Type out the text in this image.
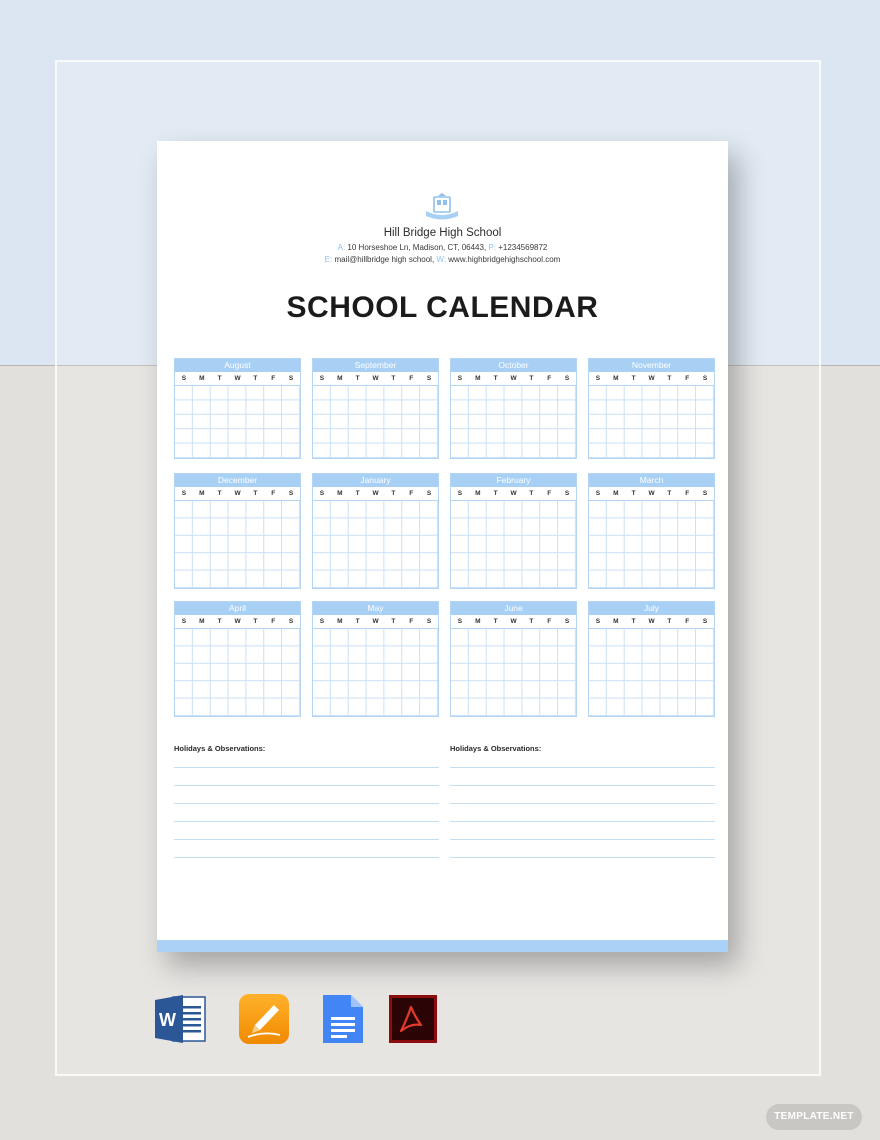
Hill Bridge High School
A: 10 Horseshoe Ln, Madison, CT, 06443, P: +1234569872
E: mail@hillbridge high school, W: www.highbridgehighschool.com
SCHOOL CALENDAR
August
S	M	T	W	T	F	S
September
S	M	T	W	T	F	S
October
S	M	T	W	T	F	S
November
S	M	T	W	T	F	S
December
S	M	T	W	T	F	S
January
S	M	T	W	T	F	S
February
S	M	T	W	T	F	S
March
S	M	T	W	T	F	S
April
S	M	T	W	T	F	S
May
S	M	T	W	T	F	S
June
S	M	T	W	T	F	S
July
S	M	T	W	T	F	S
Holidays & Observations:	Holidays & Observations:
W
TEMPLATE.NET
